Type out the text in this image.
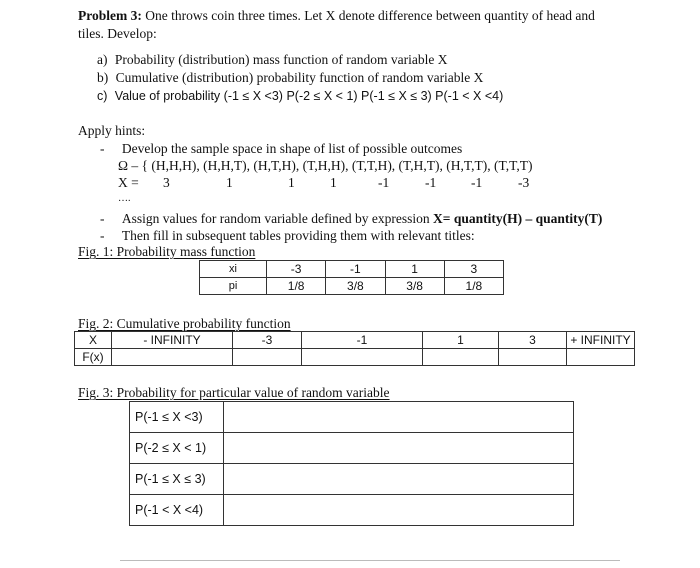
Problem 3: One throws coin three times. Let X denote difference between quantity of head and
tiles. Develop:
a) Probability (distribution) mass function of random variable X
b) Cumulative (distribution) probability function of random variable X
c) Value of probability (-1 ≤ X <3) P(-2 ≤ X < 1) P(-1 ≤ X ≤ 3) P(-1 < X <4)
Apply hints:
- Develop the sample space in shape of list of possible outcomes
Ω – { (H,H,H), (H,H,T), (H,T,H), (T,H,H), (T,T,H), (T,H,T), (H,T,T), (T,T,T)
X = 3	1	1	1	-1	-1	-1	-3
….
- Assign values for random variable defined by expression X= quantity(H) – quantity(T)
- Then fill in subsequent tables providing them with relevant titles:
Fig. 1: Probability mass function
xi	-3	-1	1	3
pi	1/8	3/8	3/8	1/8
Fig. 2: Cumulative probability function
X	- INFINITY	-3	-1	1	3	+ INFINITY
F(x)						
Fig. 3: Probability for particular value of random variable
P(-1 ≤ X <3)	
P(-2 ≤ X < 1)	
P(-1 ≤ X ≤ 3)	
P(-1 < X <4)	
